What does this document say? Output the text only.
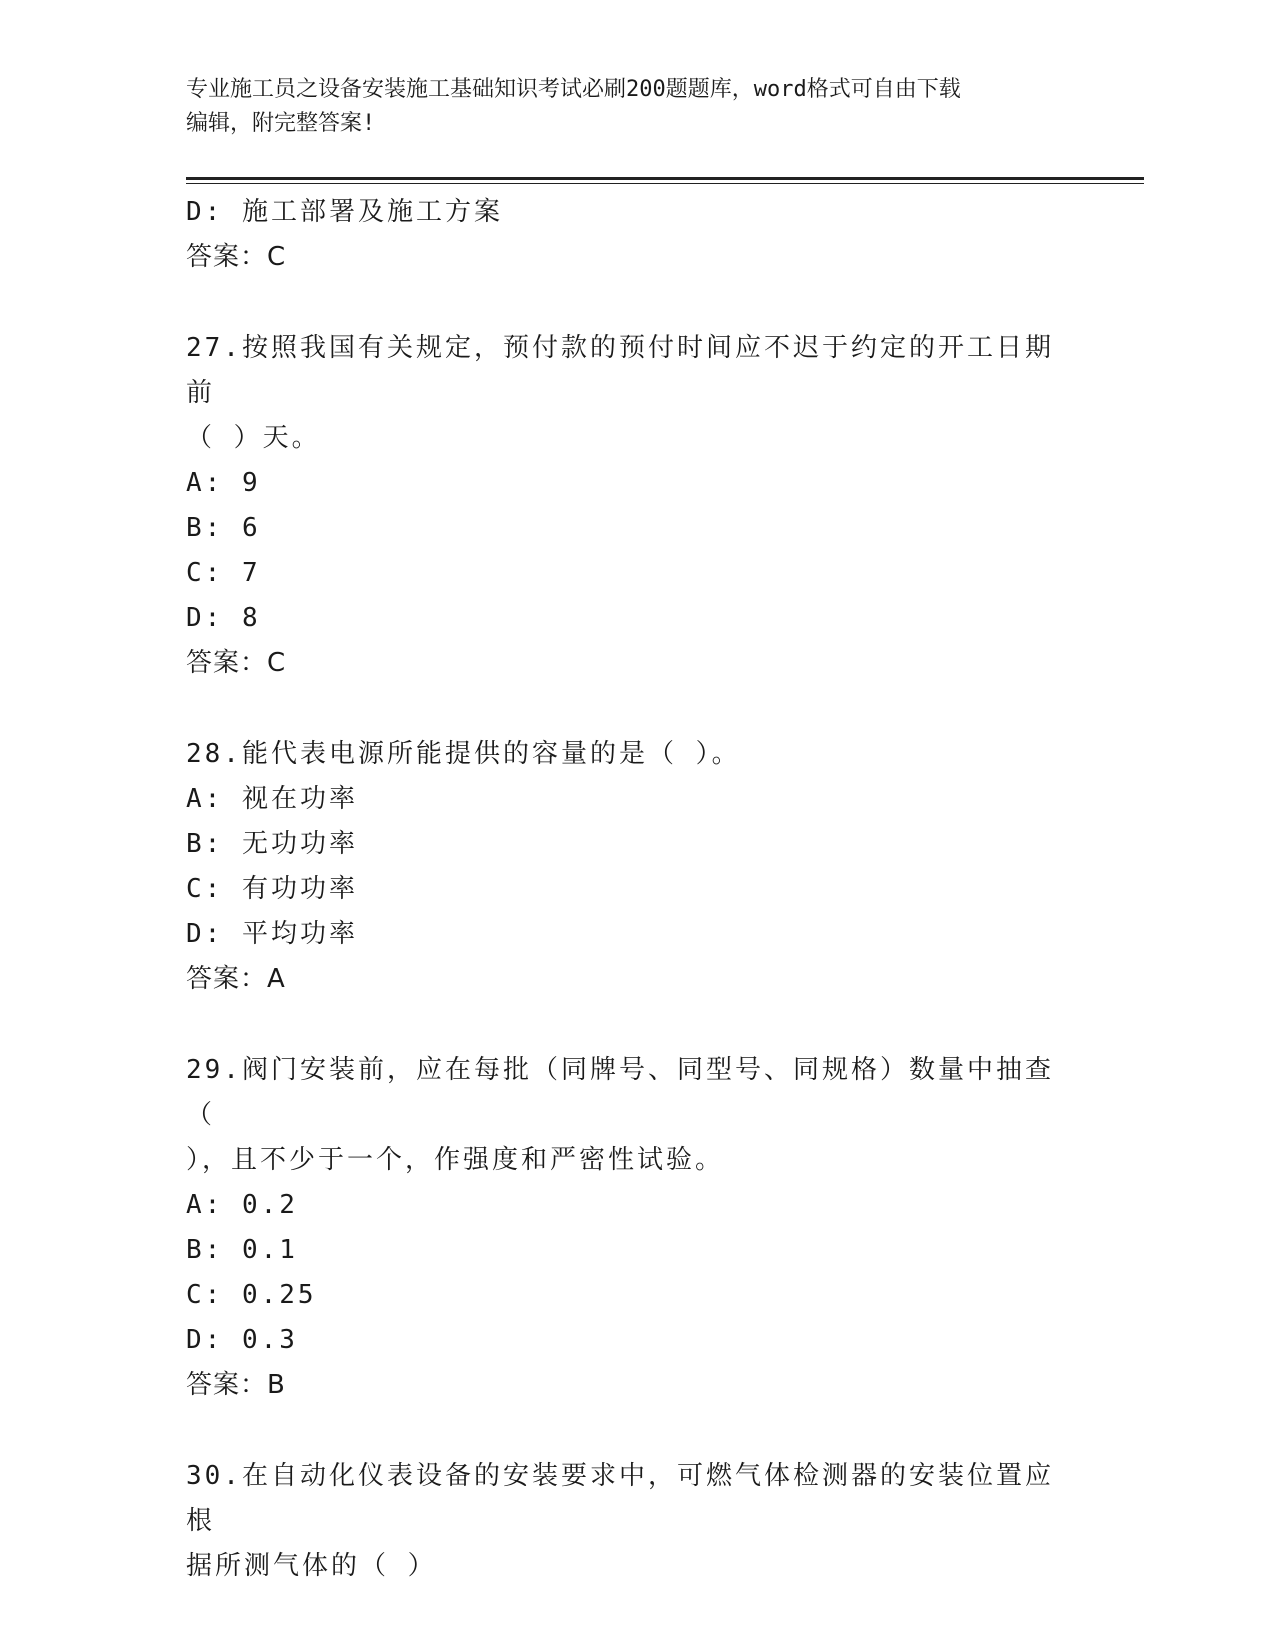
专业施工员之设备安装施工基础知识考试必刷200题题库，word格式可自由下载
编辑，附完整答案!
D: 施工部署及施工方案
答案：C
27.按照我国有关规定，预付款的预付时间应不迟于约定的开工日期前
（ ）天。
A: 9
B: 6
C: 7
D: 8
答案：C
28.能代表电源所能提供的容量的是（ ）。
A: 视在功率
B: 无功功率
C: 有功功率
D: 平均功率
答案：A
29.阀门安装前，应在每批（同牌号、同型号、同规格）数量中抽查（
），且不少于一个，作强度和严密性试验。
A: 0.2
B: 0.1
C: 0.25
D: 0.3
答案：B
30.在自动化仪表设备的安装要求中，可燃气体检测器的安装位置应根
据所测气体的（ ）
